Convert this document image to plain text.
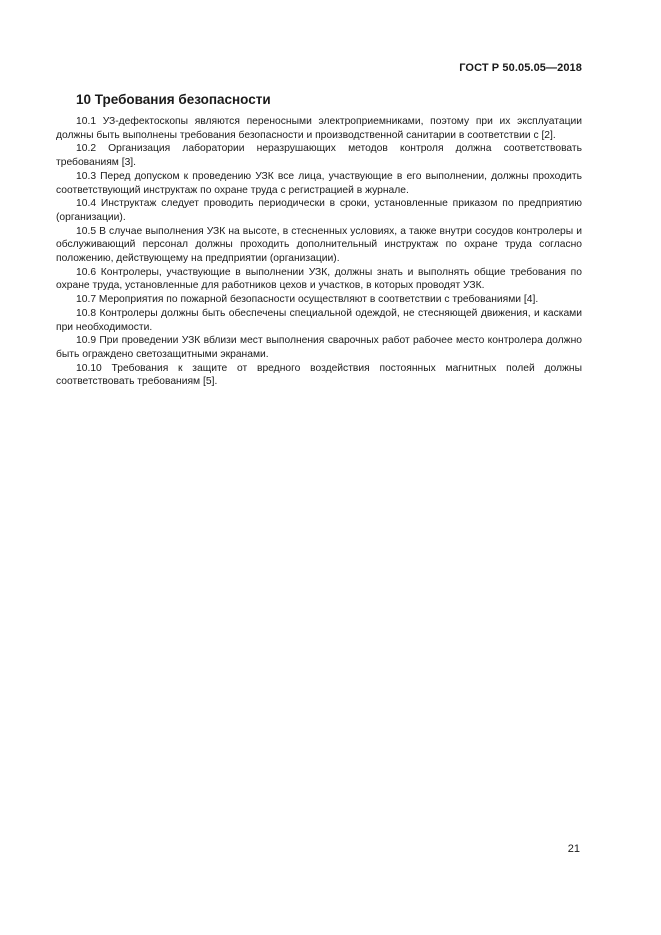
ГОСТ Р 50.05.05—2018
10 Требования безопасности

10.1 УЗ-дефектоскопы являются переносными электроприемниками, поэтому при их эксплуатации должны быть выполнены требования безопасности и производственной санитарии в соответствии с [2].

10.2 Организация лаборатории неразрушающих методов контроля должна соответствовать требованиям [3].

10.3 Перед допуском к проведению УЗК все лица, участвующие в его выполнении, должны проходить соответствующий инструктаж по охране труда с регистрацией в журнале.

10.4 Инструктаж следует проводить периодически в сроки, установленные приказом по предприятию (организации).

10.5 В случае выполнения УЗК на высоте, в стесненных условиях, а также внутри сосудов контролеры и обслуживающий персонал должны проходить дополнительный инструктаж по охране труда согласно положению, действующему на предприятии (организации).

10.6 Контролеры, участвующие в выполнении УЗК, должны знать и выполнять общие требования по охране труда, установленные для работников цехов и участков, в которых проводят УЗК.

10.7 Мероприятия по пожарной безопасности осуществляют в соответствии с требованиями [4].

10.8 Контролеры должны быть обеспечены специальной одеждой, не стесняющей движения, и касками при необходимости.

10.9 При проведении УЗК вблизи мест выполнения сварочных работ рабочее место контролера должно быть ограждено светозащитными экранами.

10.10 Требования к защите от вредного воздействия постоянных магнитных полей должны соответствовать требованиям [5].

21
